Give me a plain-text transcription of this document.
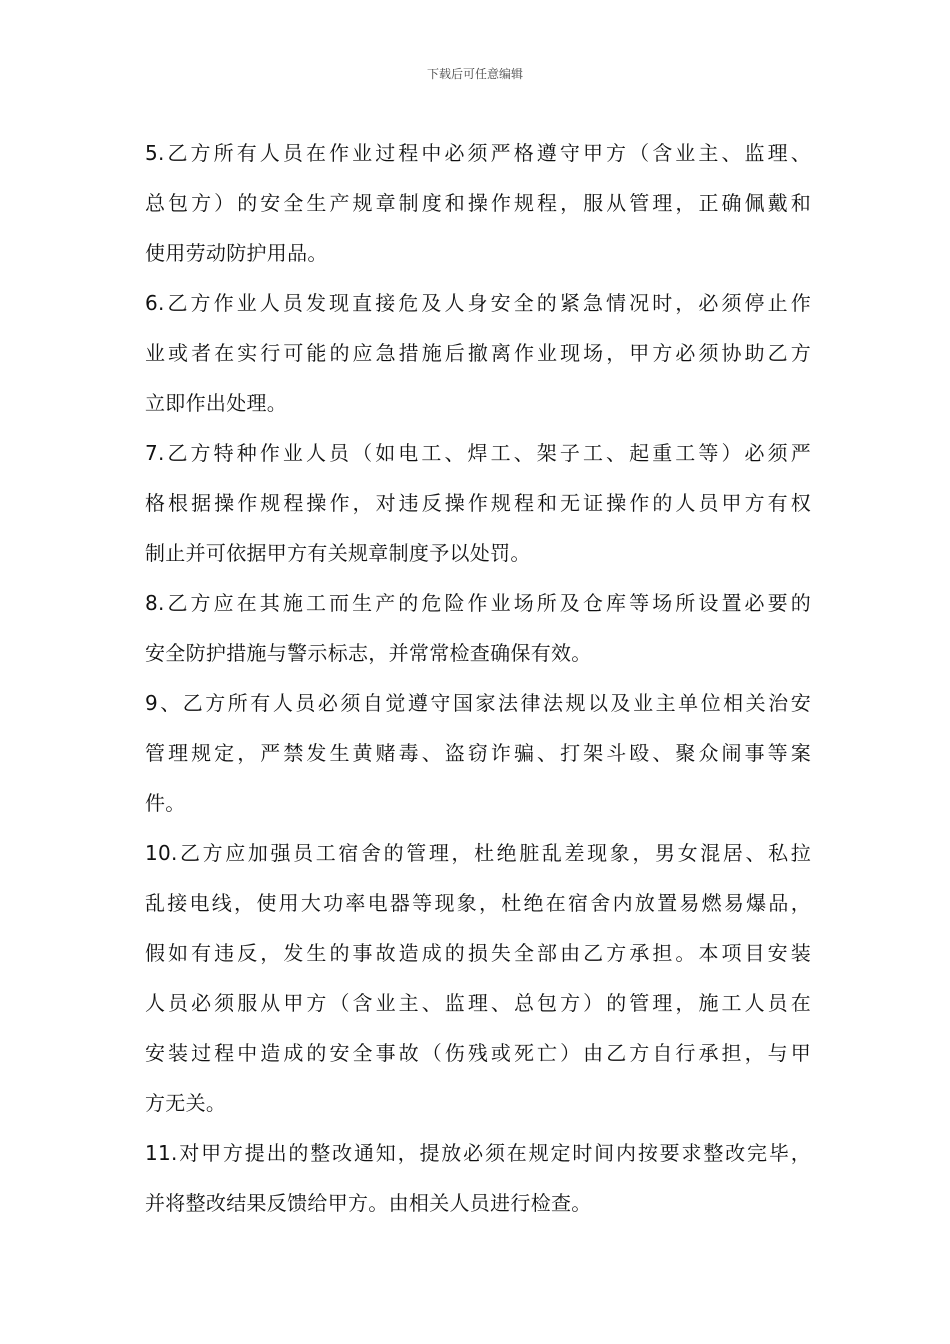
下载后可任意编辑
5.乙方所有人员在作业过程中必须严格遵守甲方（含业主、监理、
总包方）的安全生产规章制度和操作规程，服从管理，正确佩戴和
使用劳动防护用品。
6.乙方作业人员发现直接危及人身安全的紧急情况时，必须停止作
业或者在实行可能的应急措施后撤离作业现场，甲方必须协助乙方
立即作出处理。
7.乙方特种作业人员（如电工、焊工、架子工、起重工等）必须严
格根据操作规程操作，对违反操作规程和无证操作的人员甲方有权
制止并可依据甲方有关规章制度予以处罚。
8.乙方应在其施工而生产的危险作业场所及仓库等场所设置必要的
安全防护措施与警示标志，并常常检查确保有效。
9、乙方所有人员必须自觉遵守国家法律法规以及业主单位相关治安
管理规定，严禁发生黄赌毒、盗窃诈骗、打架斗殴、聚众闹事等案
件。
10.乙方应加强员工宿舍的管理，杜绝脏乱差现象，男女混居、私拉
乱接电线，使用大功率电器等现象，杜绝在宿舍内放置易燃易爆品，
假如有违反，发生的事故造成的损失全部由乙方承担。本项目安装
人员必须服从甲方（含业主、监理、总包方）的管理，施工人员在
安装过程中造成的安全事故（伤残或死亡）由乙方自行承担，与甲
方无关。
11.对甲方提出的整改通知，提放必须在规定时间内按要求整改完毕，
并将整改结果反馈给甲方。由相关人员进行检查。
